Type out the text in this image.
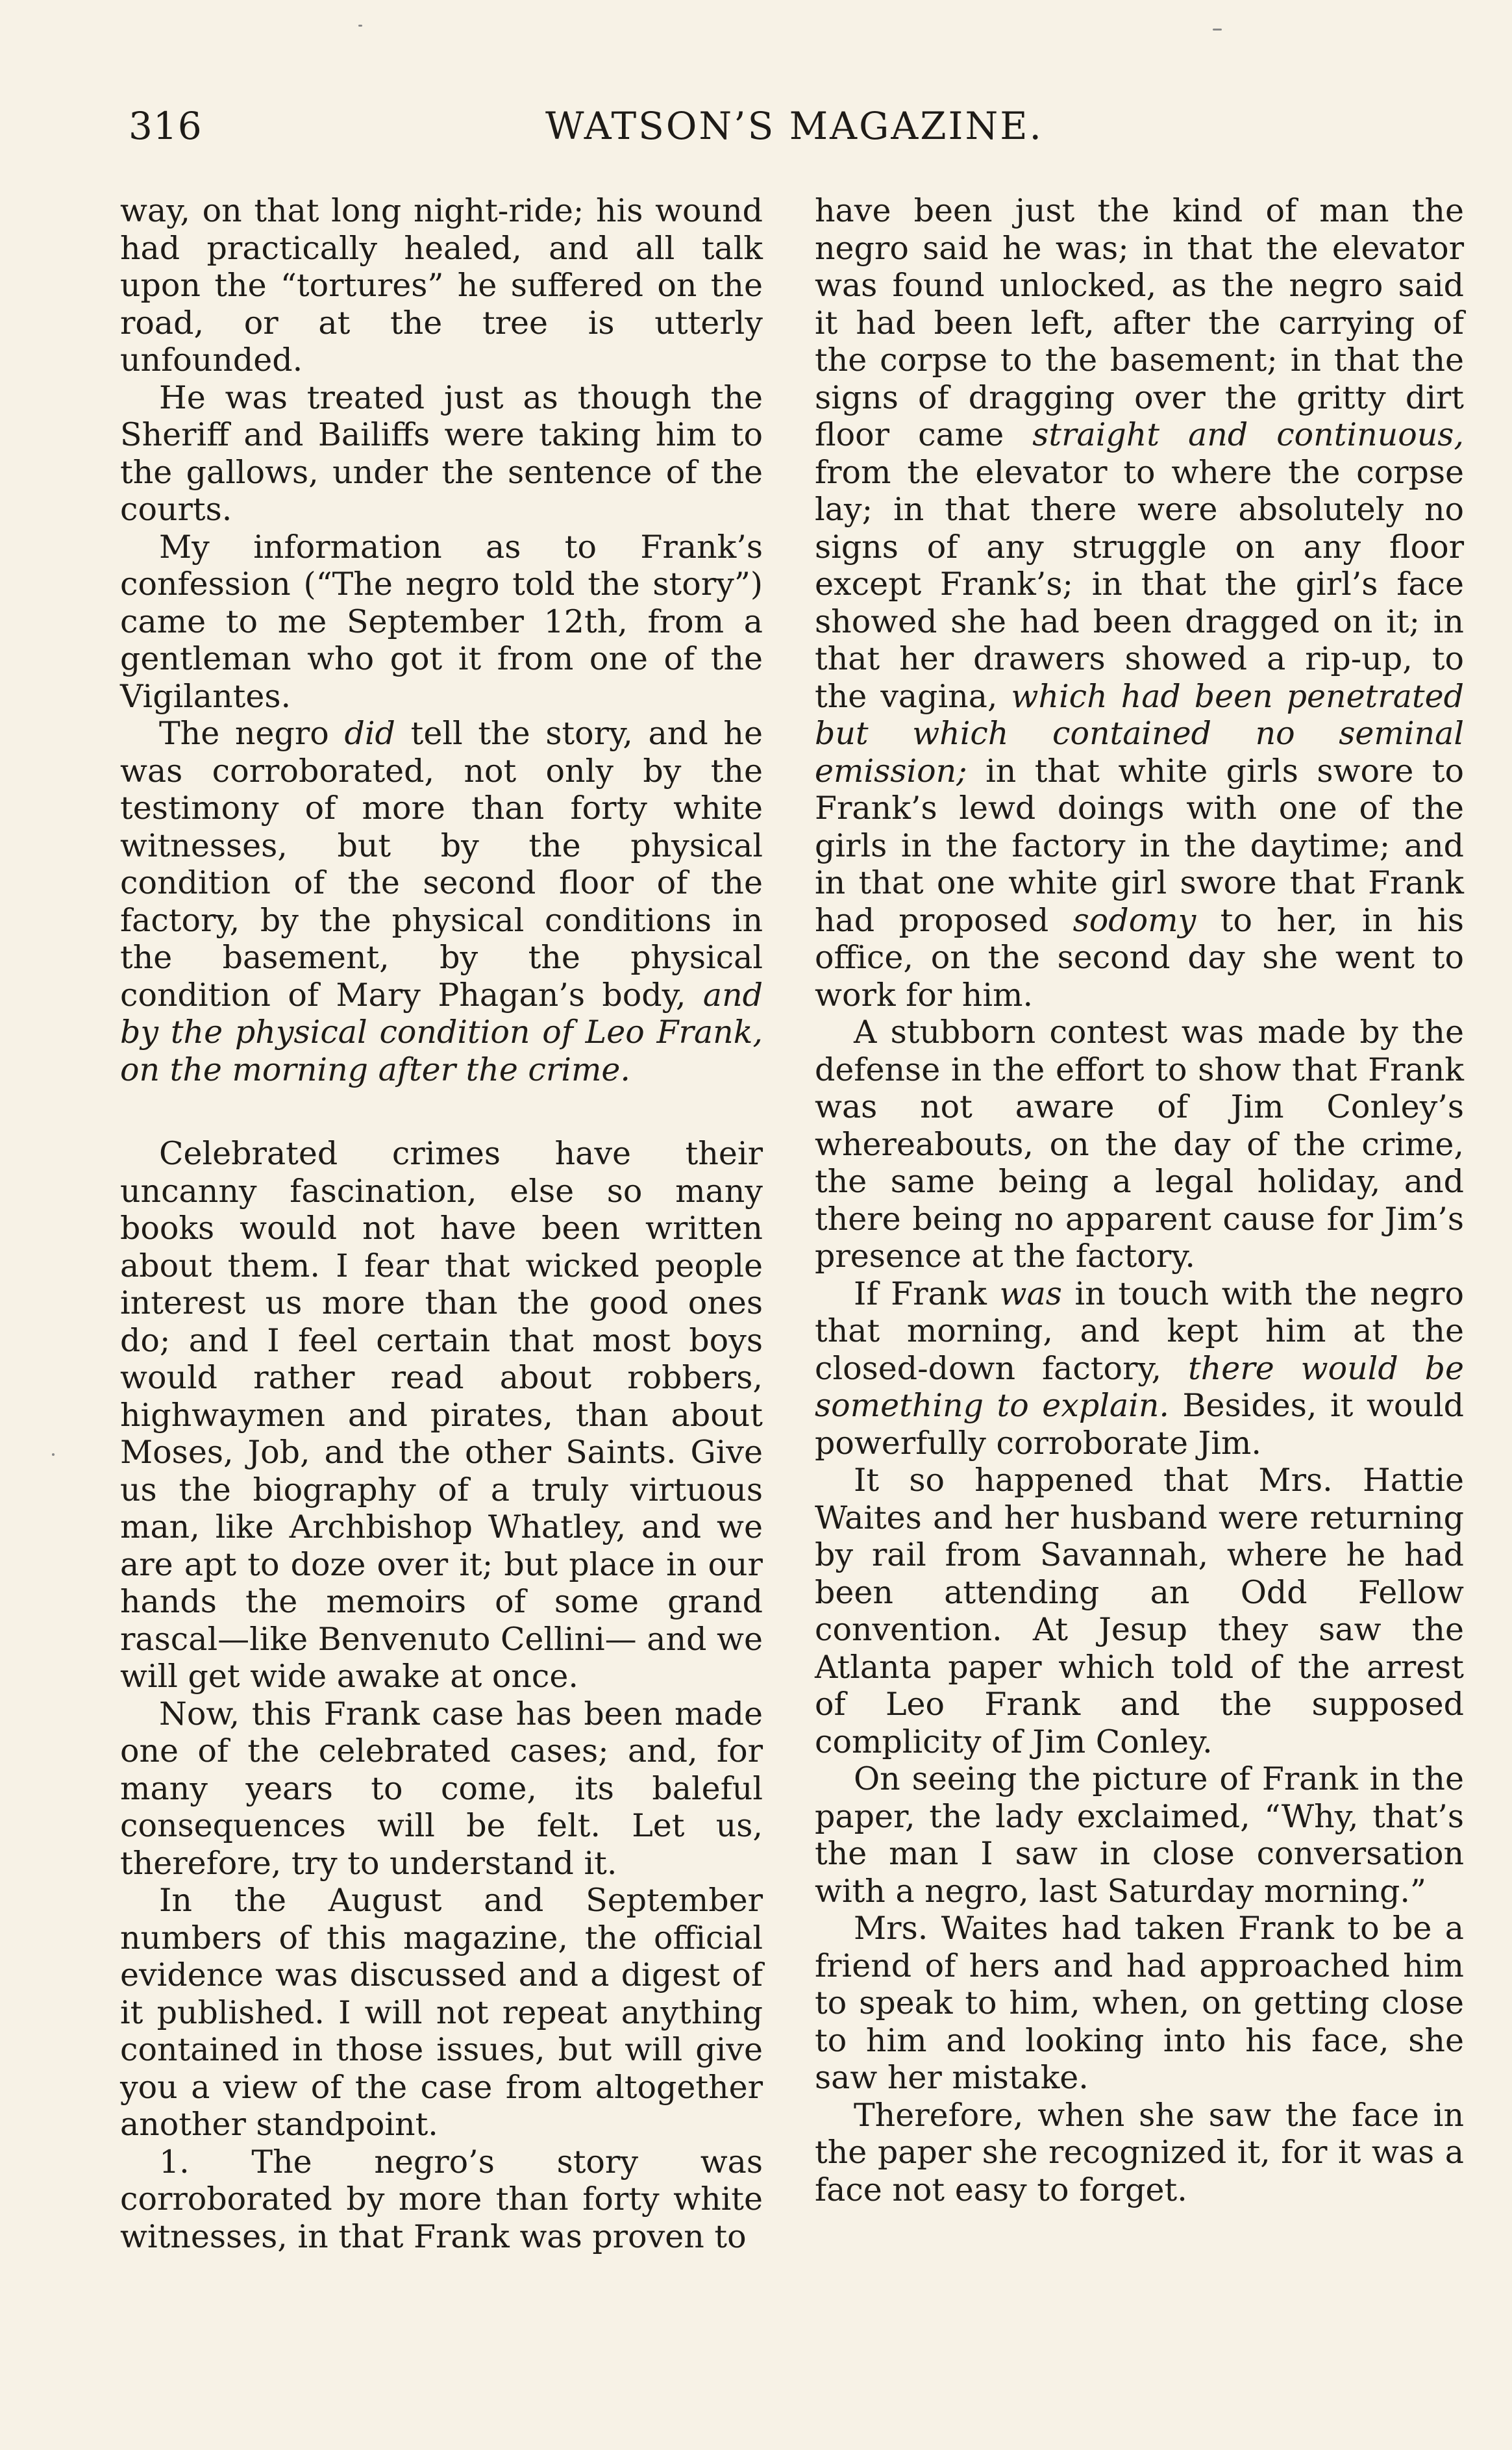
316	WATSON’S MAGAZINE.

way, on that long night-ride; his wound had practically healed, and all talk upon the “tortures” he suffered on the road, or at the tree is utterly unfounded.

He was treated just as though the Sheriff and Bailiffs were taking him to the gallows, under the sentence of the courts.

My information as to Frank’s confession (“The negro told the story”) came to me September 12th, from a gentleman who got it from one of the Vigilantes.

The negro did tell the story, and he was corroborated, not only by the testimony of more than forty white witnesses, but by the physical condition of the second floor of the factory, by the physical conditions in the basement, by the physical condition of Mary Phagan’s body, and by the physical condition of Leo Frank, on the morning after the crime.

Celebrated crimes have their uncanny fascination, else so many books would not have been written about them. I fear that wicked people interest us more than the good ones do; and I feel certain that most boys would rather read about robbers, highwaymen and pirates, than about Moses, Job, and the other Saints. Give us the biography of a truly virtuous man, like Archbishop Whatley, and we are apt to doze over it; but place in our hands the memoirs of some grand rascal—like Benvenuto Cellini— and we will get wide awake at once.

Now, this Frank case has been made one of the celebrated cases; and, for many years to come, its baleful consequences will be felt. Let us, therefore, try to understand it.

In the August and September numbers of this magazine, the official evidence was discussed and a digest of it published. I will not repeat anything contained in those issues, but will give you a view of the case from altogether another standpoint.

1. The negro’s story was corroborated by more than forty white witnesses, in that Frank was proven to

have been just the kind of man the negro said he was; in that the elevator was found unlocked, as the negro said it had been left, after the carrying of the corpse to the basement; in that the signs of dragging over the gritty dirt floor came straight and continuous, from the elevator to where the corpse lay; in that there were absolutely no signs of any struggle on any floor except Frank’s; in that the girl’s face showed she had been dragged on it; in that her drawers showed a rip-up, to the vagina, which had been penetrated but which contained no seminal emission; in that white girls swore to Frank’s lewd doings with one of the girls in the factory in the daytime; and in that one white girl swore that Frank had proposed sodomy to her, in his office, on the second day she went to work for him.

A stubborn contest was made by the defense in the effort to show that Frank was not aware of Jim Conley’s whereabouts, on the day of the crime, the same being a legal holiday, and there being no apparent cause for Jim’s presence at the factory.

If Frank was in touch with the negro that morning, and kept him at the closed-down factory, there would be something to explain. Besides, it would powerfully corroborate Jim.

It so happened that Mrs. Hattie Waites and her husband were returning by rail from Savannah, where he had been attending an Odd Fellow convention. At Jesup they saw the Atlanta paper which told of the arrest of Leo Frank and the supposed complicity of Jim Conley.

On seeing the picture of Frank in the paper, the lady exclaimed, “Why, that’s the man I saw in close conversation with a negro, last Saturday morning.”

Mrs. Waites had taken Frank to be a friend of hers and had approached him to speak to him, when, on getting close to him and looking into his face, she saw her mistake.

Therefore, when she saw the face in the paper she recognized it, for it was a face not easy to forget.
